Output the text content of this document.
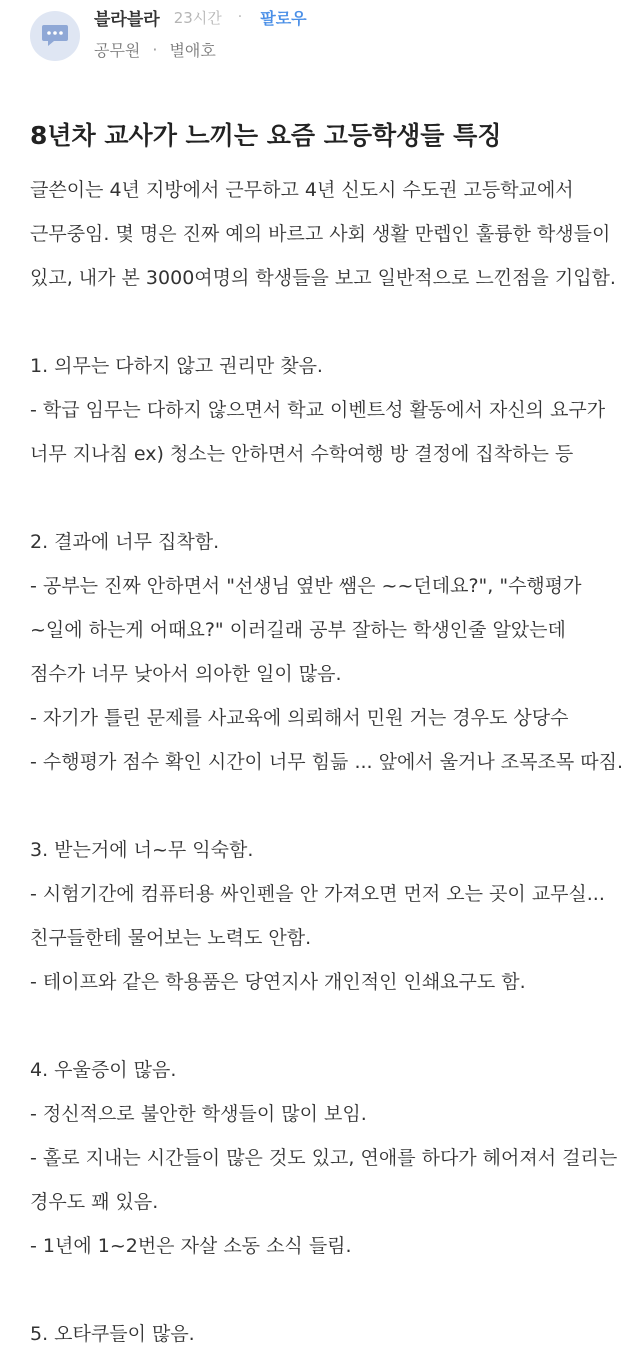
블라블라 23시간 · 팔로우
공무원 · 별애호
8년차 교사가 느끼는 요즘 고등학생들 특징
글쓴이는 4년 지방에서 근무하고 4년 신도시 수도권 고등학교에서
근무중임. 몇 명은 진짜 예의 바르고 사회 생활 만렙인 훌륭한 학생들이
있고, 내가 본 3000여명의 학생들을 보고 일반적으로 느낀점을 기입함.
1. 의무는 다하지 않고 권리만 찾음.
- 학급 임무는 다하지 않으면서 학교 이벤트성 활동에서 자신의 요구가
너무 지나침 ex) 청소는 안하면서 수학여행 방 결정에 집착하는 등
2. 결과에 너무 집착함.
- 공부는 진짜 안하면서 "선생님 옆반 쌤은 ~~던데요?", "수행평가
~일에 하는게 어때요?" 이러길래 공부 잘하는 학생인줄 알았는데
점수가 너무 낮아서 의아한 일이 많음.
- 자기가 틀린 문제를 사교육에 의뢰해서 민원 거는 경우도 상당수
- 수행평가 점수 확인 시간이 너무 힘듦 ... 앞에서 울거나 조목조목 따짐.
3. 받는거에 너~무 익숙함.
- 시험기간에 컴퓨터용 싸인펜을 안 가져오면 먼저 오는 곳이 교무실...
친구들한테 물어보는 노력도 안함.
- 테이프와 같은 학용품은 당연지사 개인적인 인쇄요구도 함.
4. 우울증이 많음.
- 정신적으로 불안한 학생들이 많이 보임.
- 홀로 지내는 시간들이 많은 것도 있고, 연애를 하다가 헤어져서 걸리는
경우도 꽤 있음.
- 1년에 1~2번은 자살 소동 소식 들림.
5. 오타쿠들이 많음.
